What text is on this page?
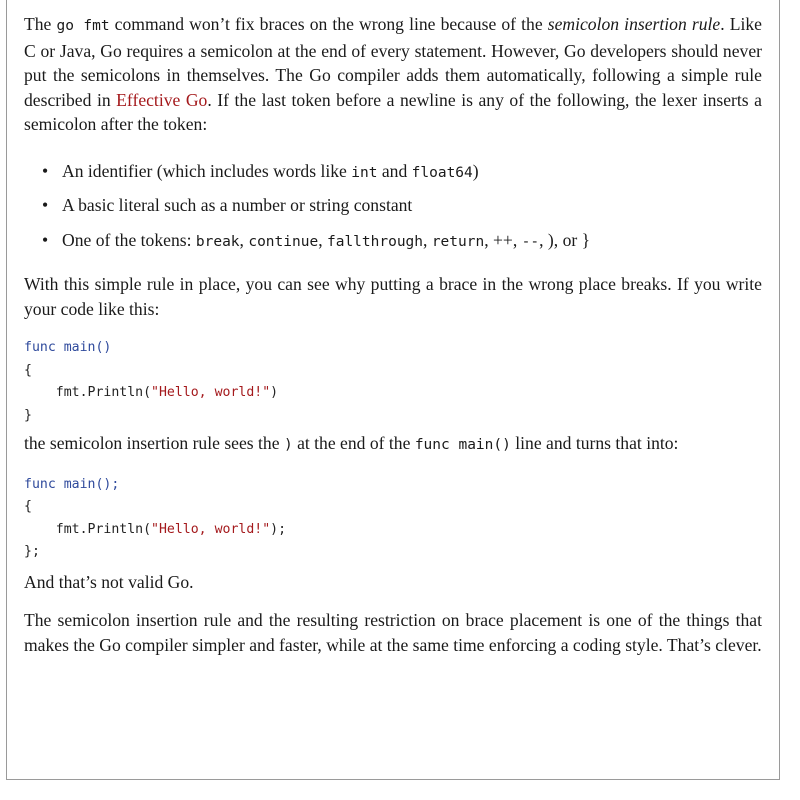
The go fmt command won’t fix braces on the wrong line because of the semicolon insertion rule. Like C or Java, Go requires a semicolon at the end of every statement. However, Go developers should never put the semicolons in themselves. The Go compiler adds them automatically, following a simple rule described in Effective Go. If the last token before a newline is any of the following, the lexer inserts a semicolon after the token:

• An identifier (which includes words like int and float64)
• A basic literal such as a number or string constant
• One of the tokens: break, continue, fallthrough, return, ++, --, ), or }

With this simple rule in place, you can see why putting a brace in the wrong place breaks. If you write your code like this:

func main()
{
fmt.Println("Hello, world!")
}

the semicolon insertion rule sees the ) at the end of the func main() line and turns that into:

func main();
{
fmt.Println("Hello, world!");
};

And that’s not valid Go.

The semicolon insertion rule and the resulting restriction on brace placement is one of the things that makes the Go compiler simpler and faster, while at the same time enforcing a coding style. That’s clever.
